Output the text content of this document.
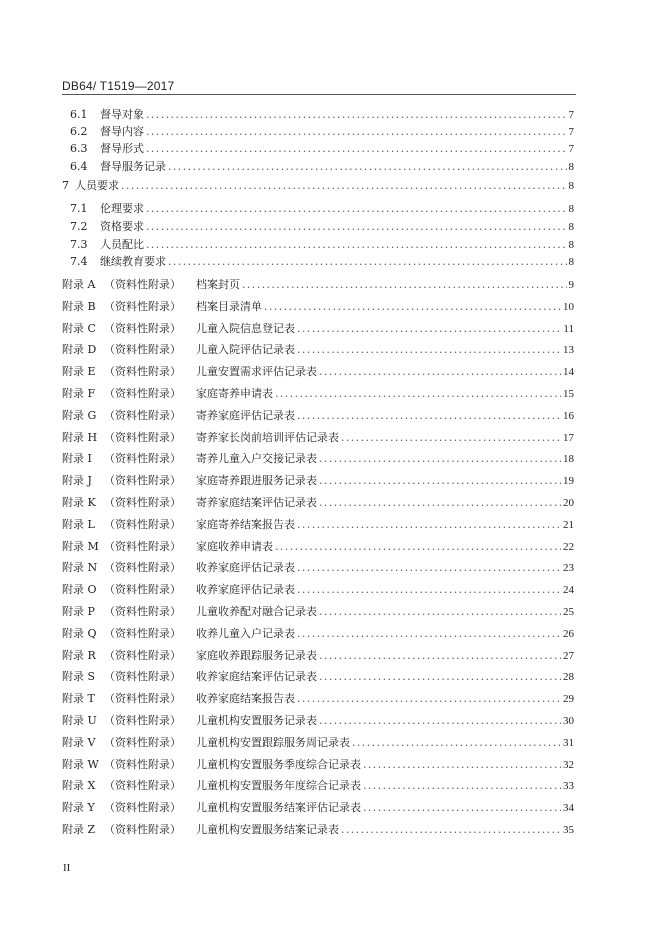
DB64/ T1519—2017
6.1 督导对象 .....	7
6.2 督导内容 .....	7
6.3 督导形式 .....	7
6.4 督导服务记录 .....	8
7 人员要求 .....	8
7.1 伦理要求 .....	8
7.2 资格要求 .....	8
7.3 人员配比 .....	8
7.4 继续教育要求 .....	8
附录 A （资料性附录） 档案封页 .....	9
附录 B （资料性附录） 档案目录清单 .....	10
附录 C （资料性附录） 儿童入院信息登记表 .....	11
附录 D （资料性附录） 儿童入院评估记录表 .....	13
附录 E （资料性附录） 儿童安置需求评估记录表 .....	14
附录 F （资料性附录） 家庭寄养申请表 .....	15
附录 G （资料性附录） 寄养家庭评估记录表 .....	16
附录 H （资料性附录） 寄养家长岗前培训评估记录表 .....	17
附录 I （资料性附录） 寄养儿童入户交接记录表 .....	18
附录 J （资料性附录） 家庭寄养跟进服务记录表 .....	19
附录 K （资料性附录） 寄养家庭结案评估记录表 .....	20
附录 L （资料性附录） 家庭寄养结案报告表 .....	21
附录 M （资料性附录） 家庭收养申请表 .....	22
附录 N （资料性附录） 收养家庭评估记录表 .....	23
附录 O （资料性附录） 收养家庭评估记录表 .....	24
附录 P （资料性附录） 儿童收养配对融合记录表 .....	25
附录 Q （资料性附录） 收养儿童入户记录表 .....	26
附录 R （资料性附录） 家庭收养跟踪服务记录表 .....	27
附录 S （资料性附录） 收养家庭结案评估记录表 .....	28
附录 T （资料性附录） 收养家庭结案报告表 .....	29
附录 U （资料性附录） 儿童机构安置服务记录表 .....	30
附录 V （资料性附录） 儿童机构安置跟踪服务周记录表 .....	31
附录 W （资料性附录） 儿童机构安置服务季度综合记录表 .....	32
附录 X （资料性附录） 儿童机构安置服务年度综合记录表 .....	33
附录 Y （资料性附录） 儿童机构安置服务结案评估记录表 .....	34
附录 Z （资料性附录） 儿童机构安置服务结案记录表 .....	35
II
